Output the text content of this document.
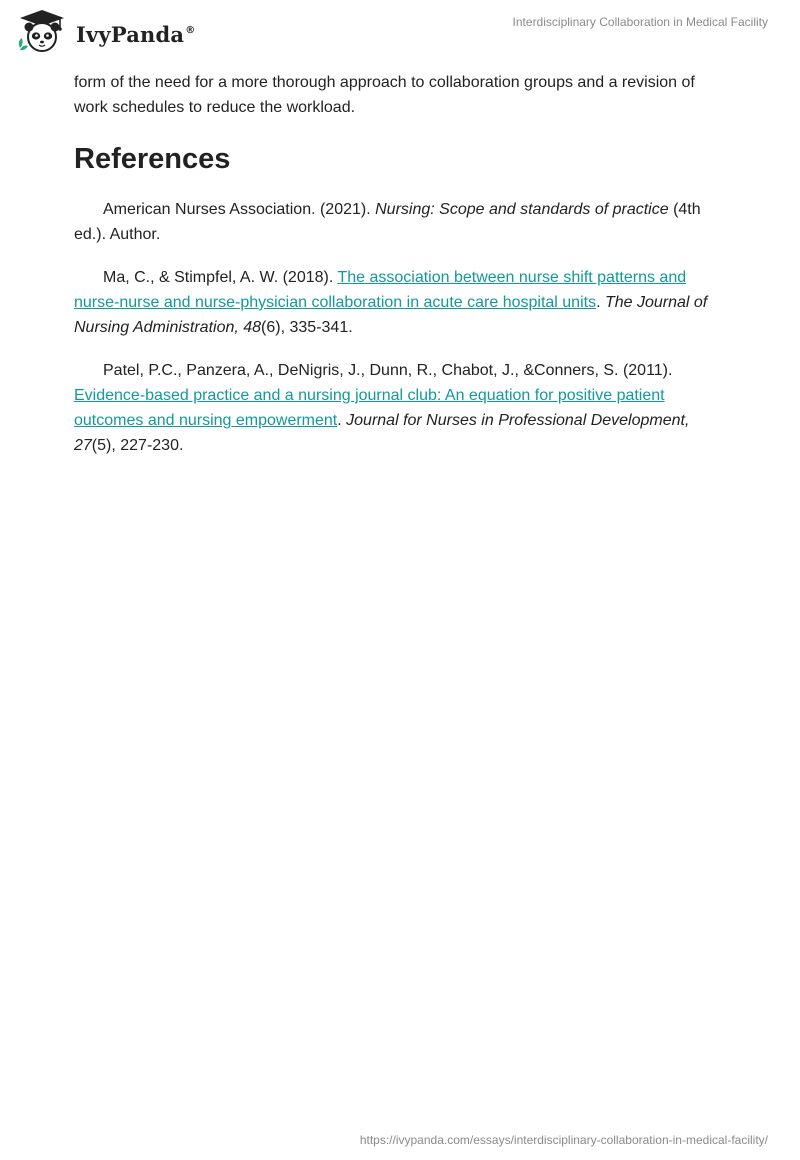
IvyPanda®
Interdisciplinary Collaboration in Medical Facility

form of the need for a more thorough approach to collaboration groups and a revision of work schedules to reduce the workload.

References

American Nurses Association. (2021). Nursing: Scope and standards of practice (4th ed.). Author.

Ma, C., & Stimpfel, A. W. (2018). The association between nurse shift patterns and nurse-nurse and nurse-physician collaboration in acute care hospital units. The Journal of Nursing Administration, 48(6), 335-341.

Patel, P.C., Panzera, A., DeNigris, J., Dunn, R., Chabot, J., &Conners, S. (2011). Evidence-based practice and a nursing journal club: An equation for positive patient outcomes and nursing empowerment. Journal for Nurses in Professional Development, 27(5), 227-230.

https://ivypanda.com/essays/interdisciplinary-collaboration-in-medical-facility/
